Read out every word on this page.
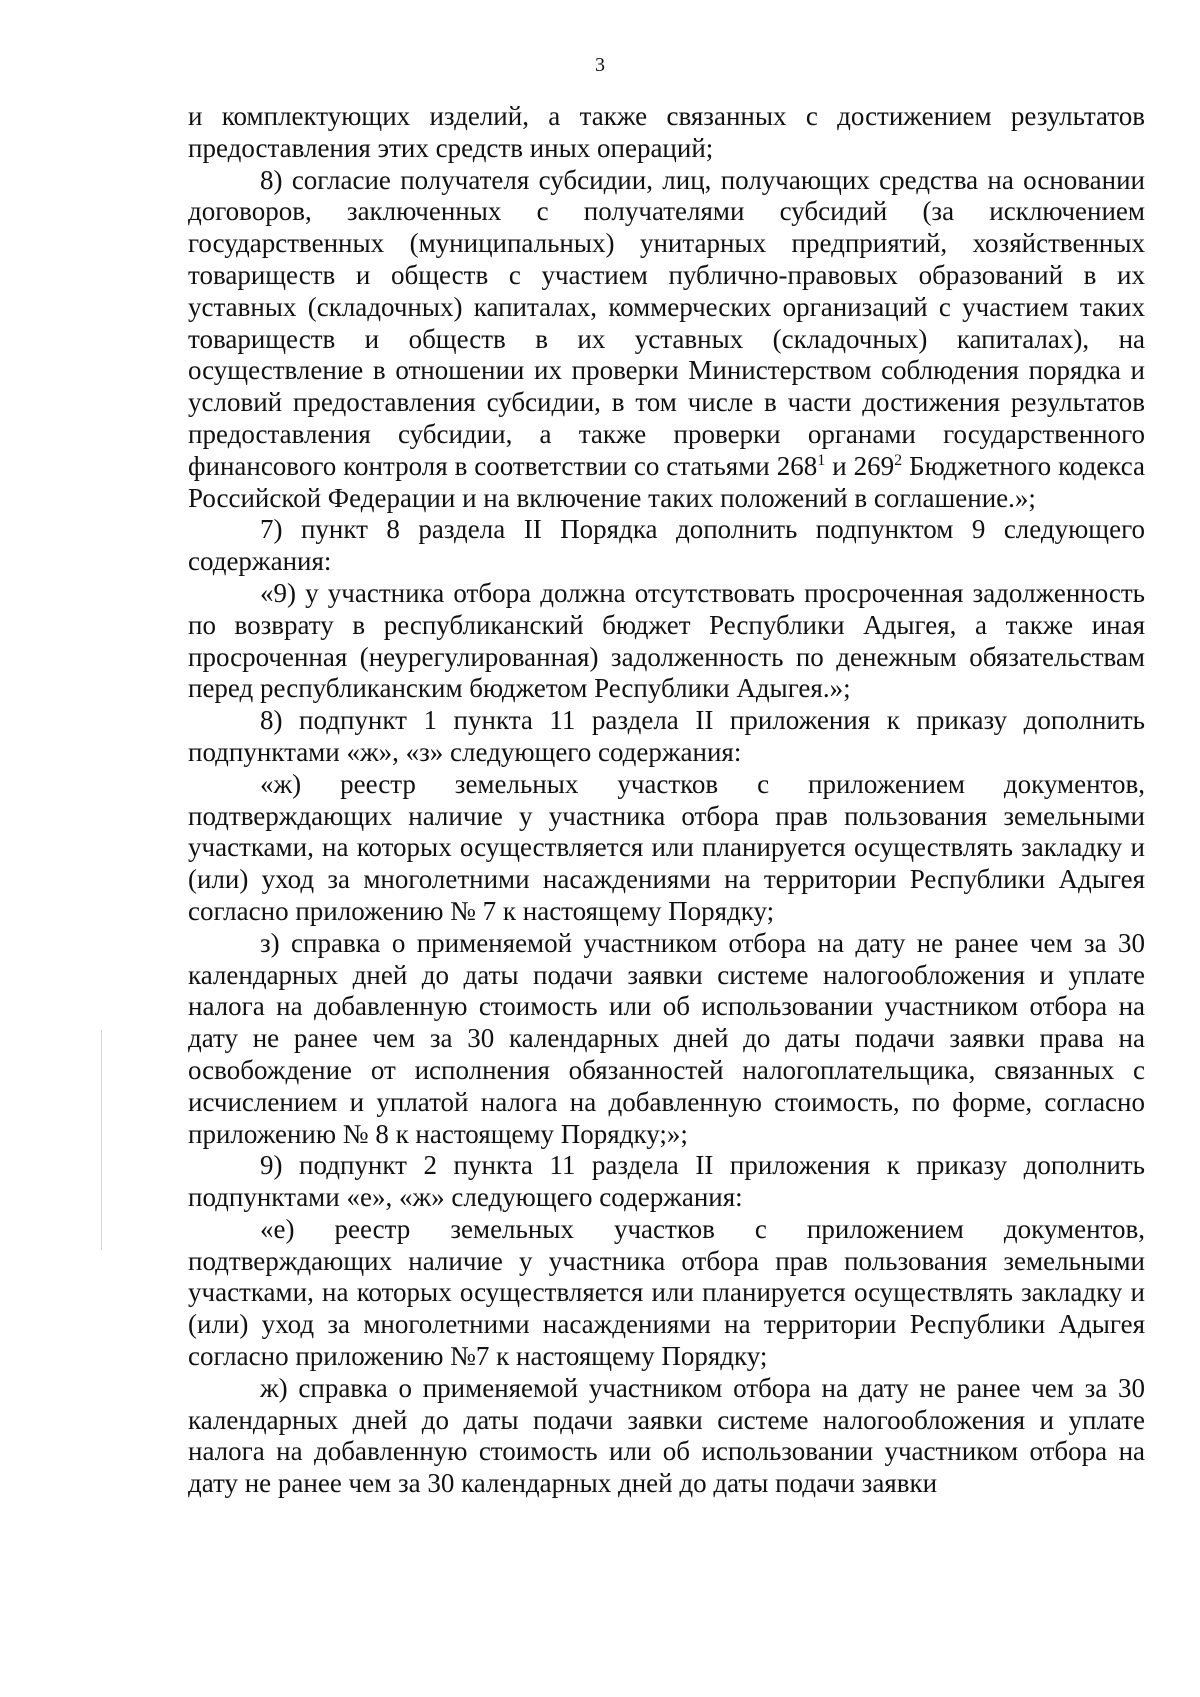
3

и комплектующих изделий, а также связанных с достижением результатов предоставления этих средств иных операций;

8) согласие получателя субсидии, лиц, получающих средства на основании договоров, заключенных с получателями субсидий (за исключением государственных (муниципальных) унитарных предприятий, хозяйственных товариществ и обществ с участием публично-правовых образований в их уставных (складочных) капиталах, коммерческих организаций с участием таких товариществ и обществ в их уставных (складочных) капиталах), на осуществление в отношении их проверки Министерством соблюдения порядка и условий предоставления субсидии, в том числе в части достижения результатов предоставления субсидии, а также проверки органами государственного финансового контроля в соответствии со статьями $268^1$ и $269^2$ Бюджетного кодекса Российской Федерации и на включение таких положений в соглашение.»;

7) пункт 8 раздела II Порядка дополнить подпунктом 9 следующего содержания:

«9) у участника отбора должна отсутствовать просроченная задолженность по возврату в республиканский бюджет Республики Адыгея, а также иная просроченная (неурегулированная) задолженность по денежным обязательствам перед республиканским бюджетом Республики Адыгея.»;

8) подпункт 1 пункта 11 раздела II приложения к приказу дополнить подпунктами «ж», «з» следующего содержания:

«ж) реестр земельных участков с приложением документов, подтверждающих наличие у участника отбора прав пользования земельными участками, на которых осуществляется или планируется осуществлять закладку и (или) уход за многолетними насаждениями на территории Республики Адыгея согласно приложению № 7 к настоящему Порядку;

з) справка о применяемой участником отбора на дату не ранее чем за 30 календарных дней до даты подачи заявки системе налогообложения и уплате налога на добавленную стоимость или об использовании участником отбора на дату не ранее чем за 30 календарных дней до даты подачи заявки права на освобождение от исполнения обязанностей налогоплательщика, связанных с исчислением и уплатой налога на добавленную стоимость, по форме, согласно приложению № 8 к настоящему Порядку;»;

9) подпункт 2 пункта 11 раздела II приложения к приказу дополнить подпунктами «е», «ж» следующего содержания:

«е) реестр земельных участков с приложением документов, подтверждающих наличие у участника отбора прав пользования земельными участками, на которых осуществляется или планируется осуществлять закладку и (или) уход за многолетними насаждениями на территории Республики Адыгея согласно приложению №7 к настоящему Порядку;

ж) справка о применяемой участником отбора на дату не ранее чем за 30 календарных дней до даты подачи заявки системе налогообложения и уплате налога на добавленную стоимость или об использовании участником отбора на дату не ранее чем за 30 календарных дней до даты подачи заявки
